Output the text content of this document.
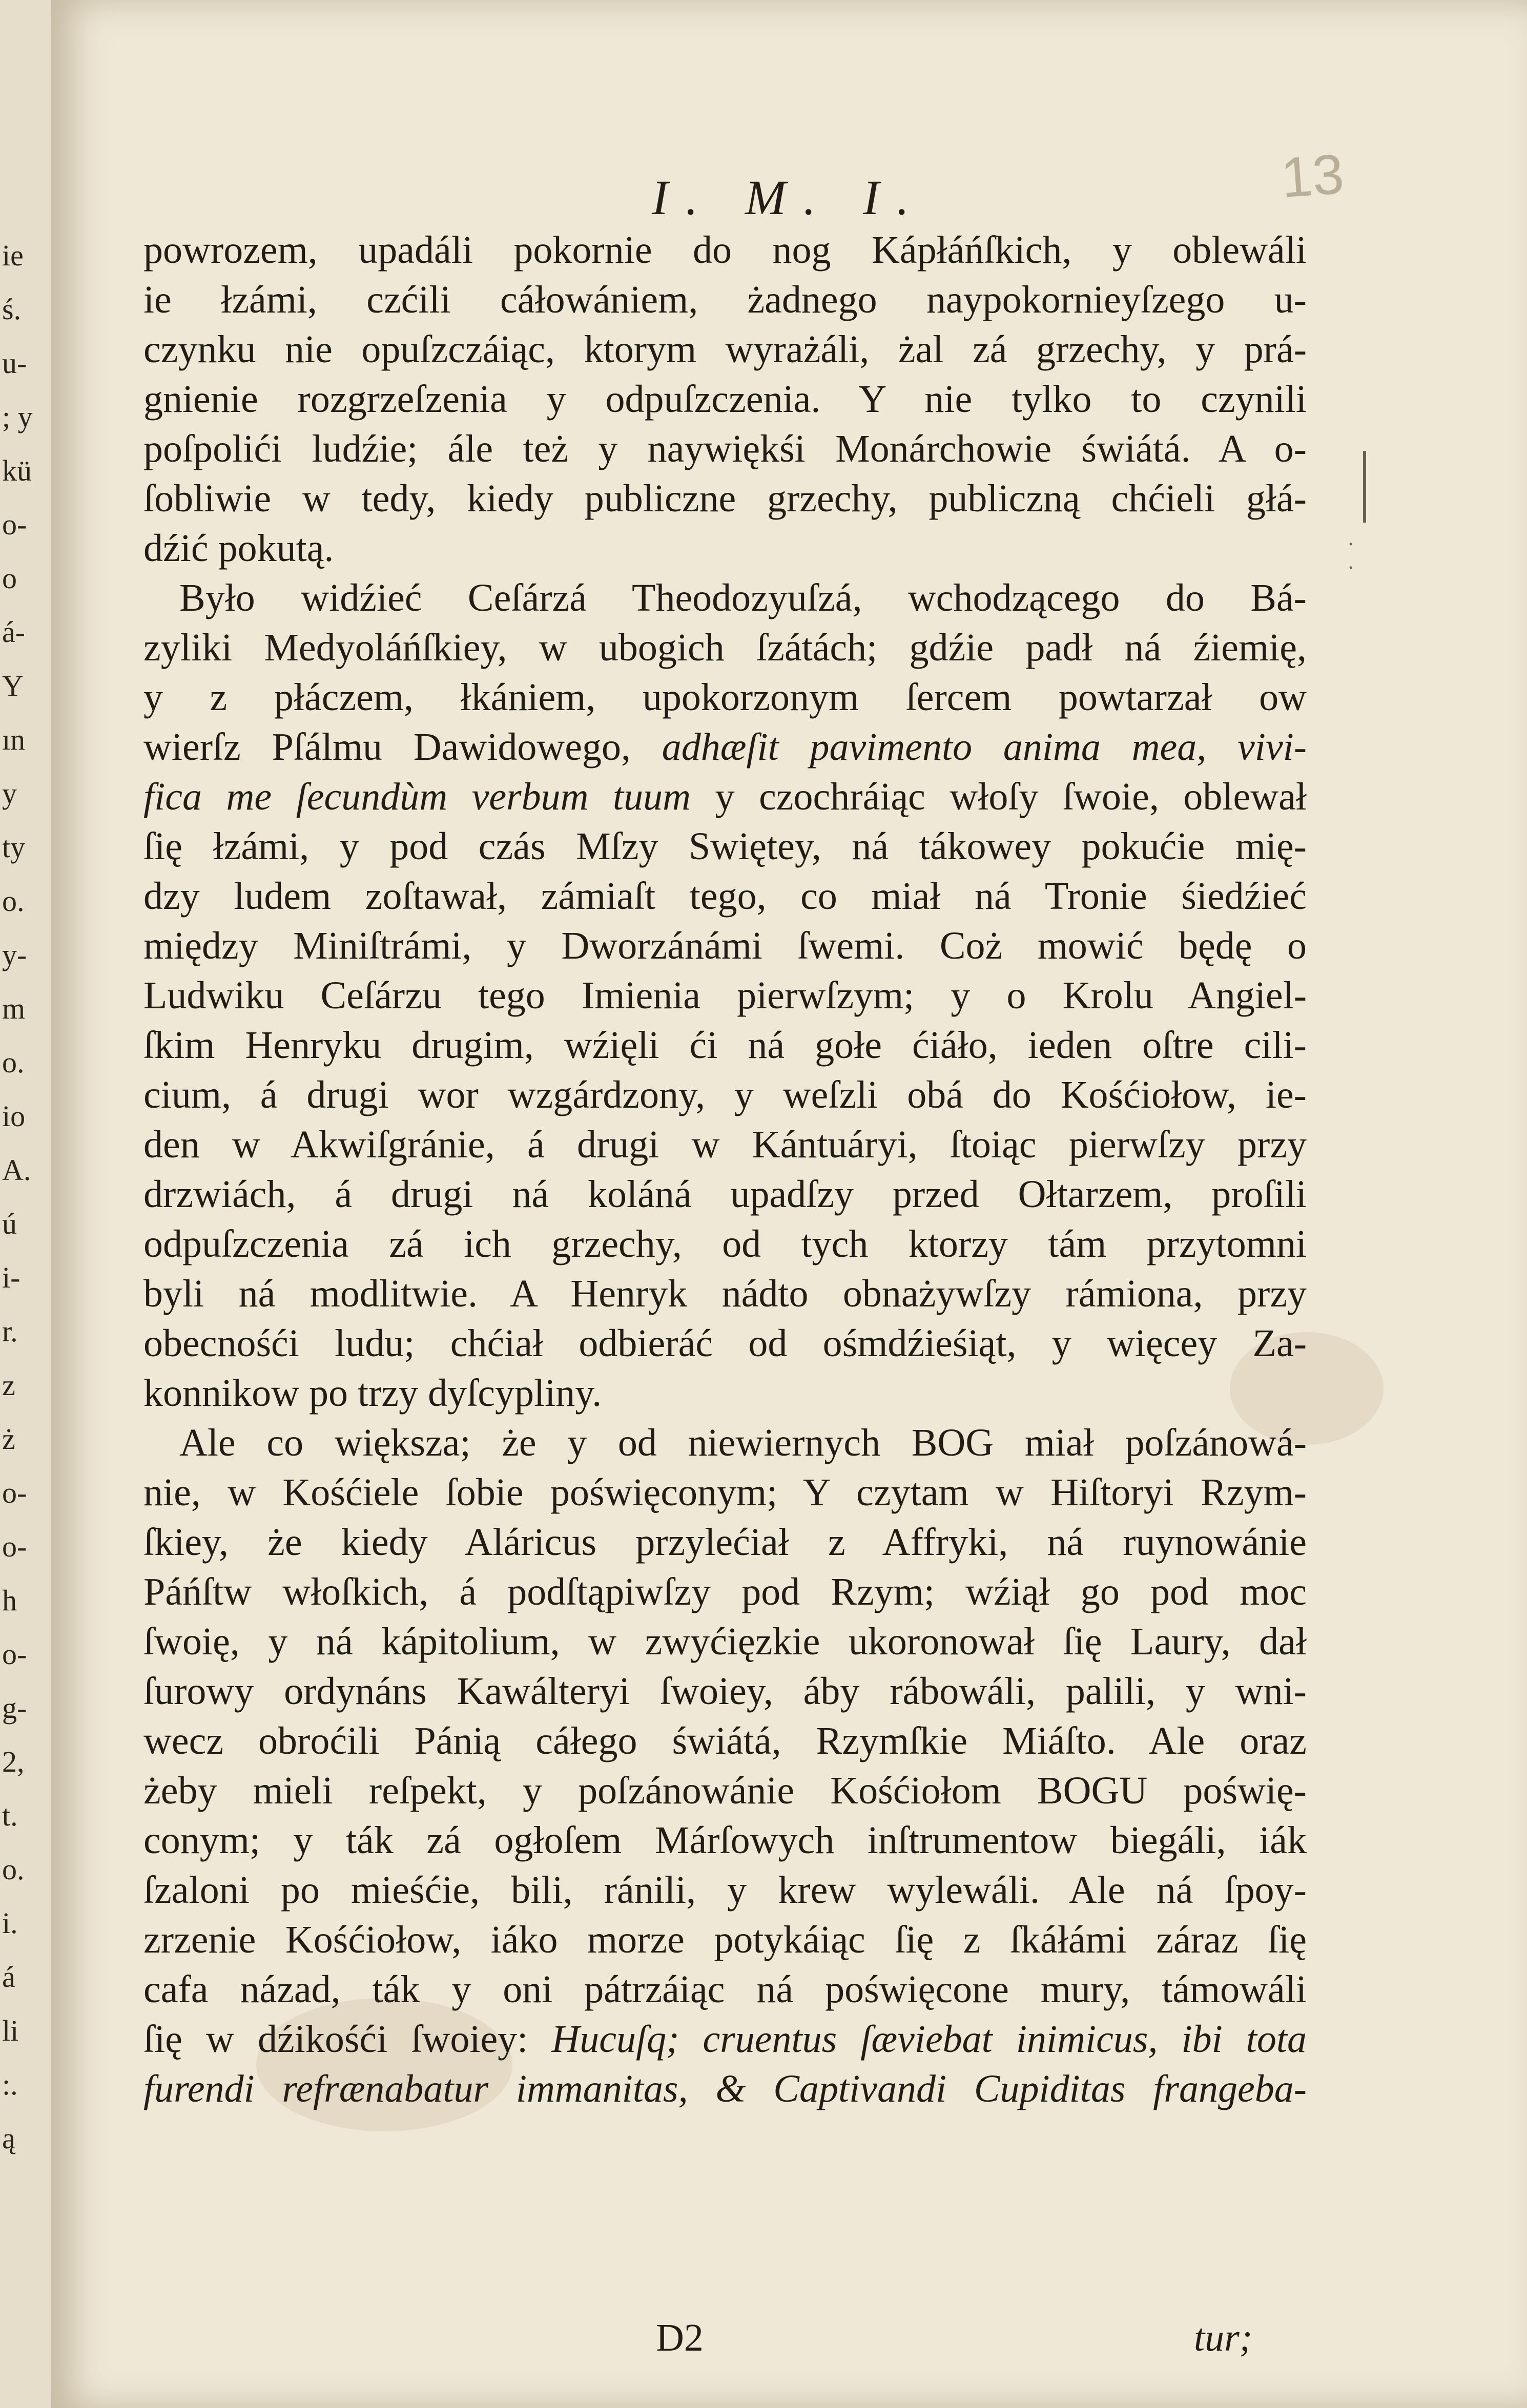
ie
ś.
u-
; y
kü
o-
o
á-
Y
ın
y
ty
o.
y-
m
o.
io
A.
ú
i-
r.
z
ż
o-
o-
h
o-
g-
2,
t.
o.
i.
á
li
:.
ą
13
I. M. I.
·
·
powrozem, upadáli pokornie do nog Kápłáńſkich, y oblewáli
ie łzámi, czćili cáłowániem, żadnego naypokornieyſzego u-
czynku nie opuſzczáiąc, ktorym wyrażáli, żal zá grzechy, y prá-
gnienie rozgrzeſzenia y odpuſzczenia. Y nie tylko to czynili
poſpolići ludźie; ále też y naywiękśi Monárchowie świátá. A o-
ſobliwie w tedy, kiedy publiczne grzechy, publiczną chćieli głá-
dźić pokutą.
Było widźieć Ceſárzá Theodozyuſzá, wchodzącego do Bá-
zyliki Medyoláńſkiey, w ubogich ſzátách; gdźie padł ná źiemię,
y z płáczem, łkániem, upokorzonym ſercem powtarzał ow
wierſz Pſálmu Dawidowego, adhæſit pavimento anima mea, vivi-
fica me ſecundùm verbum tuum y czochráiąc włoſy ſwoie, oblewał
ſię łzámi, y pod czás Mſzy Swiętey, ná tákowey pokućie mię-
dzy ludem zoſtawał, zámiaſt tego, co miał ná Tronie śiedźieć
między Miniſtrámi, y Dworzánámi ſwemi. Coż mowić będę o
Ludwiku Ceſárzu tego Imienia pierwſzym; y o Krolu Angiel-
ſkim Henryku drugim, wźięli ći ná gołe ćiáło, ieden oſtre cili-
cium, á drugi wor wzgárdzony, y weſzli obá do Kośćiołow, ie-
den w Akwiſgránie, á drugi w Kántuáryi, ſtoiąc pierwſzy przy
drzwiách, á drugi ná koláná upadſzy przed Ołtarzem, proſili
odpuſzczenia zá ich grzechy, od tych ktorzy tám przytomni
byli ná modlitwie. A Henryk nádto obnażywſzy rámiona, przy
obecnośći ludu; chćiał odbieráć od ośmdźieśiąt, y więcey Za-
konnikow po trzy dyſcypliny.
Ale co większa; że y od niewiernych BOG miał poſzánowá-
nie, w Kośćiele ſobie poświęconym; Y czytam w Hiſtoryi Rzym-
ſkiey, że kiedy Aláricus przylećiał z Affryki, ná ruynowánie
Páńſtw włoſkich, á podſtąpiwſzy pod Rzym; wźiął go pod moc
ſwoię, y ná kápitolium, w zwyćięzkie ukoronował ſię Laury, dał
ſurowy ordynáns Kawálteryi ſwoiey, áby rábowáli, palili, y wni-
wecz obroćili Pánią cáłego świátá, Rzymſkie Miáſto. Ale oraz
żeby mieli reſpekt, y poſzánowánie Kośćiołom BOGU poświę-
conym; y ták zá ogłoſem Márſowych inſtrumentow biegáli, iák
ſzaloni po mieśćie, bili, ránili, y krew wylewáli. Ale ná ſpoy-
zrzenie Kośćiołow, iáko morze potykáiąc ſię z ſkáłámi záraz ſię
cafa názad, ták y oni pátrzáiąc ná poświęcone mury, támowáli
ſię w dźikośći ſwoiey: Hucuſq; cruentus ſæviebat inimicus, ibi tota
furendi refrænabatur immanitas, & Captivandi Cupiditas frangeba-
D2	tur;
